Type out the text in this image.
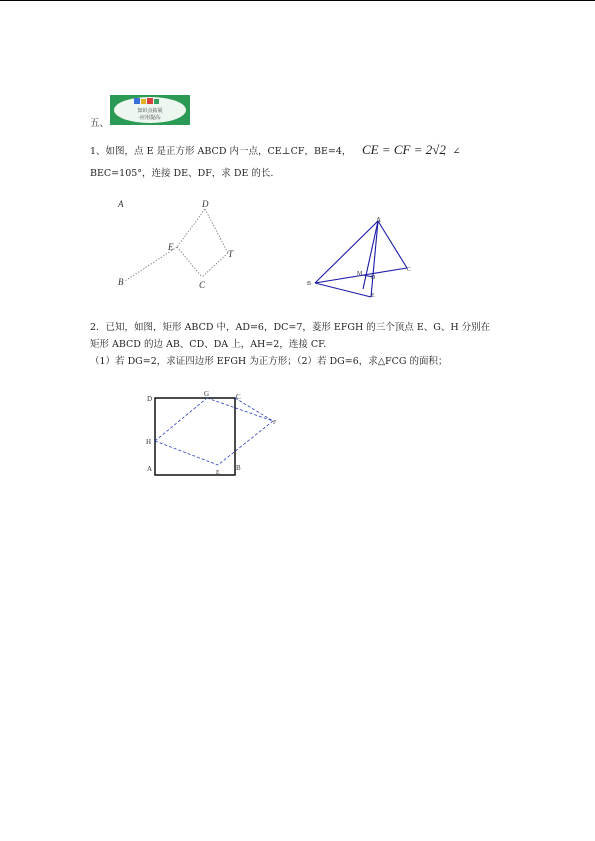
五、
知识点拓展
·应用提高·
1、如图，点 E 是正方形 ABCD 内一点，CE⊥CF，BE=4， CE = CF = 2√2
，∠
BEC=105°，连接 DE、DF，求 DE 的长.
A	D
E
T
B	C
A
M
D
B
C
E
2．已知，如图，矩形 ABCD 中，AD=6，DC=7，菱形 EFGH 的三个顶点 E、G、H 分别在
矩形 ABCD 的边 AB、CD、DA 上，AH=2，连接 CF.
（1）若 DG=2，求证四边形 EFGH 为正方形；（2）若 DG=6，求△FCG 的面积；
D
G	C
F
H
A	E
B
